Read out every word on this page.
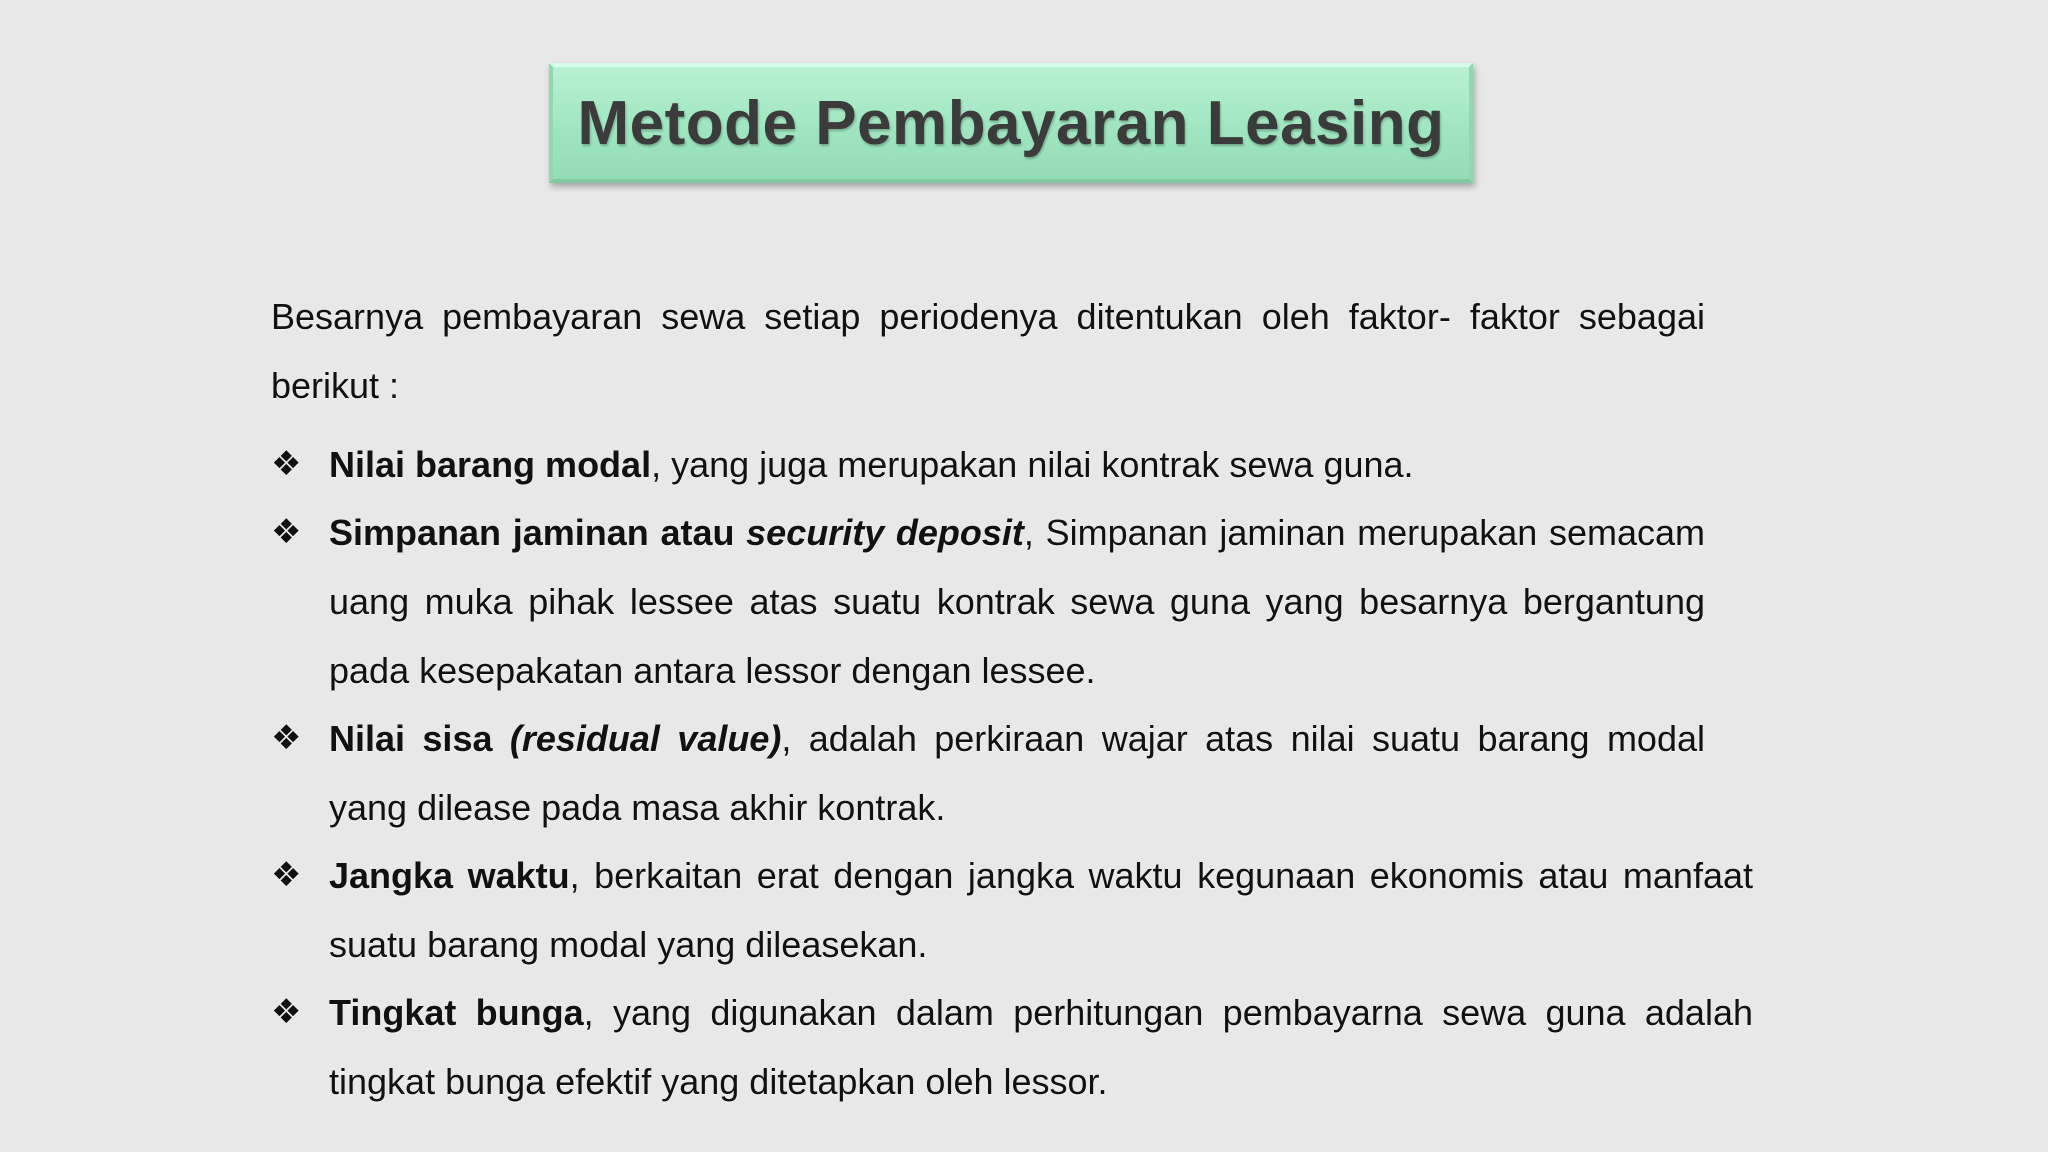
Metode Pembayaran Leasing

Besarnya pembayaran sewa setiap periodenya ditentukan oleh faktor- faktor sebagai berikut :

❖ Nilai barang modal, yang juga merupakan nilai kontrak sewa guna.
❖ Simpanan jaminan atau security deposit, Simpanan jaminan merupakan semacam uang muka pihak lessee atas suatu kontrak sewa guna yang besarnya bergantung pada kesepakatan antara lessor dengan lessee.
❖ Nilai sisa (residual value), adalah perkiraan wajar atas nilai suatu barang modal yang dilease pada masa akhir kontrak.
❖ Jangka waktu, berkaitan erat dengan jangka waktu kegunaan ekonomis atau manfaat suatu barang modal yang dileasekan.
❖ Tingkat bunga, yang digunakan dalam perhitungan pembayarna sewa guna adalah tingkat bunga efektif yang ditetapkan oleh lessor.
